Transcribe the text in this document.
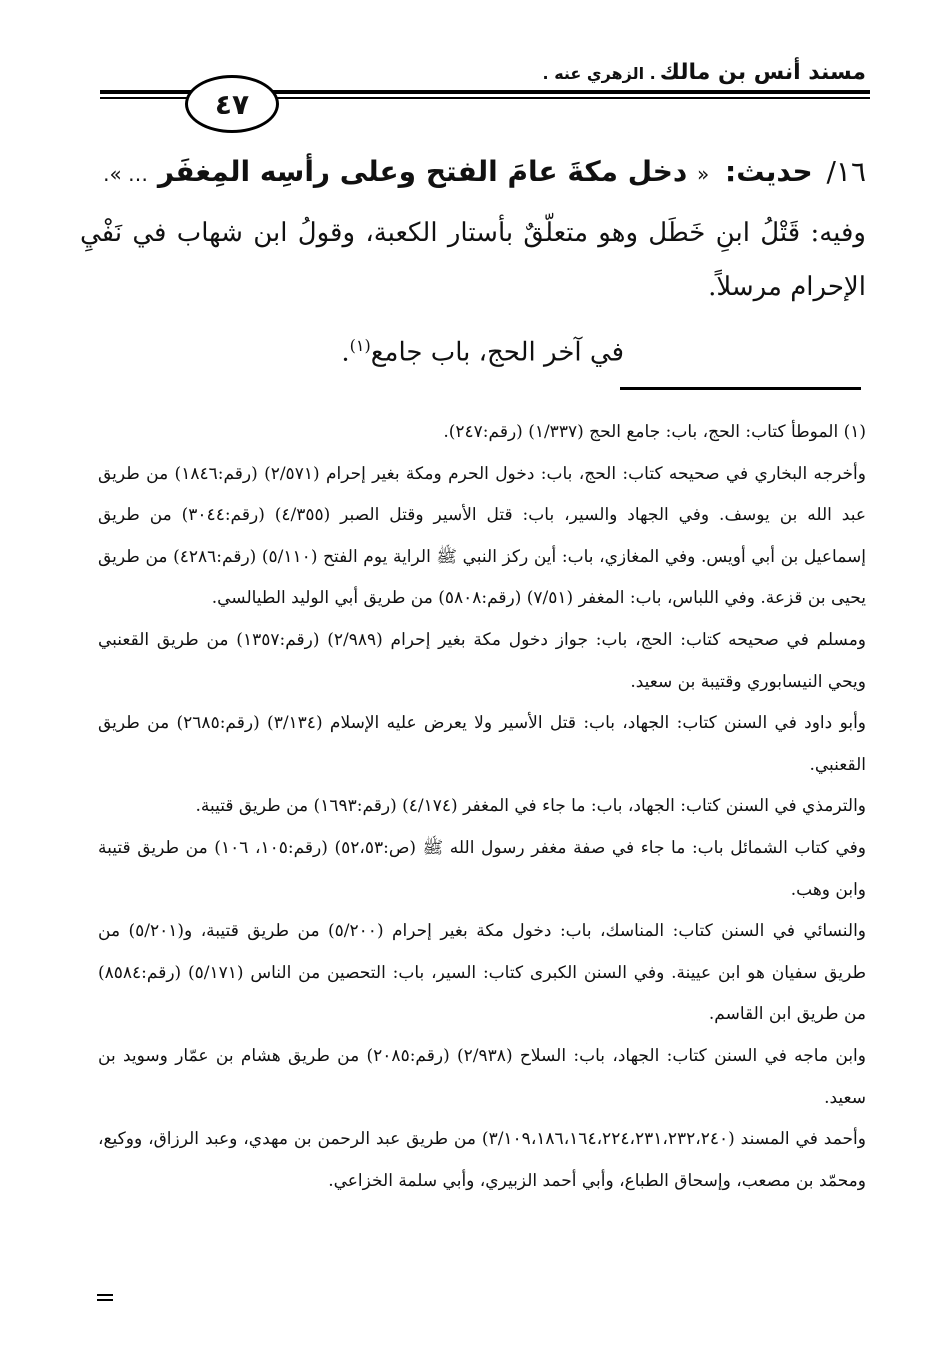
مسند أنس بن مالك. الزهري عنه .
٤٧
١٦/ حديث: « دخل مكةَ عامَ الفتح وعلى رأسِه المِغفَر … ».
وفيه: قَتْلُ ابنِ خَطَل وهو متعلّقٌ بأستار الكعبة، وقولُ ابن شهاب في نَفْيِ الإحرام مرسلاً.
في آخر الحج، باب جامع$^{(١)}$.

(١) الموطأ كتاب: الحج، باب: جامع الحج (١/٣٣٧) (رقم:٢٤٧).

وأخرجه البخاري في صحيحه كتاب: الحج، باب: دخول الحرم ومكة بغير إحرام (٢/٥٧١) (رقم:١٨٤٦) من طريق عبد الله بن يوسف. وفي الجهاد والسير، باب: قتل الأسير وقتل الصبر (٤/٣٥٥) (رقم:٣٠٤٤) من طريق إسماعيل بن أبي أويس. وفي المغازي، باب: أين ركز النبي ﷺ الراية يوم الفتح (٥/١١٠) (رقم:٤٢٨٦) من طريق يحيى بن قزعة. وفي اللباس، باب: المغفر (٧/٥١) (رقم:٥٨٠٨) من طريق أبي الوليد الطيالسي.

ومسلم في صحيحه كتاب: الحج، باب: جواز دخول مكة بغير إحرام (٢/٩٨٩) (رقم:١٣٥٧) من طريق القعنبي ويحي النيسابوري وقتيبة بن سعيد.

وأبو داود في السنن كتاب: الجهاد، باب: قتل الأسير ولا يعرض عليه الإسلام (٣/١٣٤) (رقم:٢٦٨٥) من طريق القعنبي.

والترمذي في السنن كتاب: الجهاد، باب: ما جاء في المغفر (٤/١٧٤) (رقم:١٦٩٣) من طريق قتيبة.

وفي كتاب الشمائل باب: ما جاء في صفة مغفر رسول الله ﷺ (ص:٥٢،٥٣) (رقم:١٠٥، ١٠٦) من طريق قتيبة وابن وهب.

والنسائي في السنن كتاب: المناسك، باب: دخول مكة بغير إحرام (٥/٢٠٠) من طريق قتيبة، و(٥/٢٠١) من طريق سفيان هو ابن عيينة. وفي السنن الكبرى كتاب: السير، باب: التحصين من الناس (٥/١٧١) (رقم:٨٥٨٤) من طريق ابن القاسم.

وابن ماجه في السنن كتاب: الجهاد، باب: السلاح (٢/٩٣٨) (رقم:٢٠٨٥) من طريق هشام بن عمّار وسويد بن سعيد.

وأحمد في المسند (٣/١٠٩،١٨٦،١٦٤،٢٢٤،٢٣١،٢٣٢،٢٤٠) من طريق عبد الرحمن بن مهدي، وعبد الرزاق، ووكيع، ومحمّد بن مصعب، وإسحاق الطباع، وأبي أحمد الزبيري، وأبي سلمة الخزاعي.
